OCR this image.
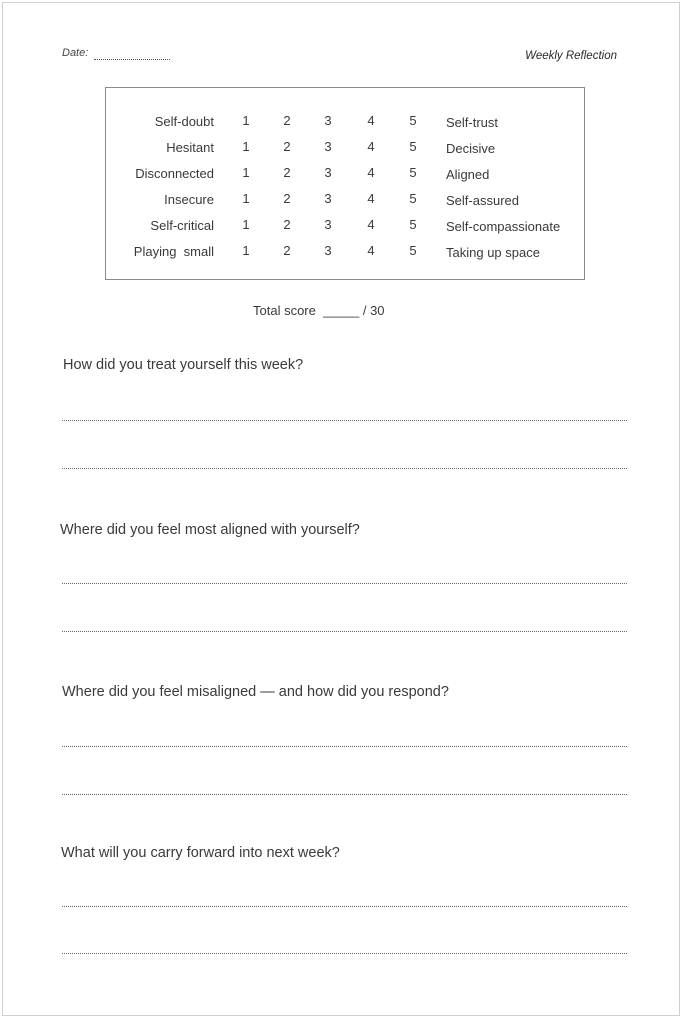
Date:	Weekly Reflection
Self-doubt	1	2	3	4	5	Self-trust
Hesitant	1	2	3	4	5	Decisive
Disconnected	1	2	3	4	5	Aligned
Insecure	1	2	3	4	5	Self-assured
Self-critical	1	2	3	4	5	Self-compassionate
Playing  small	1	2	3	4	5	Taking up space
Total score  _____ / 30
How did you treat yourself this week?
Where did you feel most aligned with yourself?
Where did you feel misaligned — and how did you respond?
What will you carry forward into next week?
